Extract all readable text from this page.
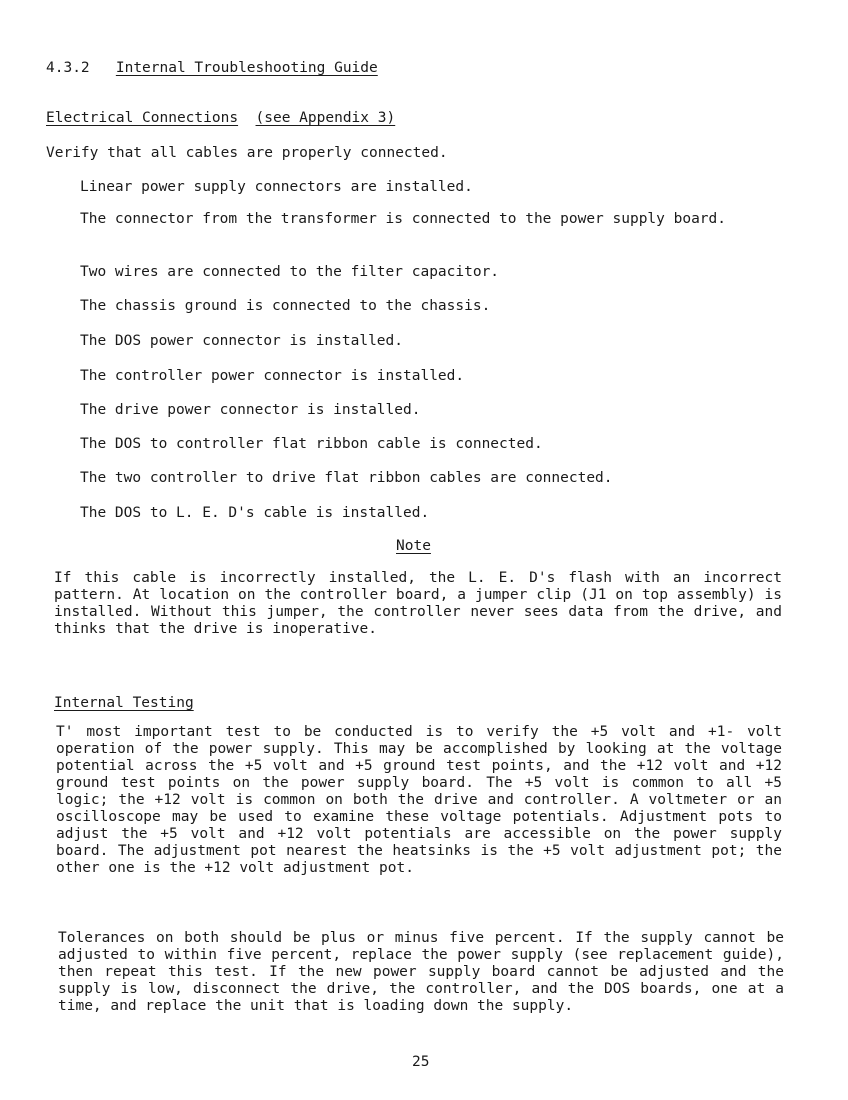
4.3.2 Internal Troubleshooting Guide
Electrical Connections (see Appendix 3)
Verify that all cables are properly connected.
Linear power supply connectors are installed.
The connector from the transformer is connected to the power supply board.
Two wires are connected to the filter capacitor.
The chassis ground is connected to the chassis.
The DOS power connector is installed.
The controller power connector is installed.
The drive power connector is installed.
The DOS to controller flat ribbon cable is connected.
The two controller to drive flat ribbon cables are connected.
The DOS to L. E. D's cable is installed.
Note
If this cable is incorrectly installed, the L. E. D's flash with an incorrect pattern. At location on the controller board, a jumper clip (J1 on top assembly) is installed. Without this jumper, the controller never sees data from the drive, and thinks that the drive is inoperative.
Internal Testing
T' most important test to be conducted is to verify the +5 volt and +1‐ volt operation of the power supply. This may be accomplished by looking at the voltage potential across the +5 volt and +5 ground test points, and the +12 volt and +12 ground test points on the power supply board. The +5 volt is common to all +5 logic; the +12 volt is common on both the drive and controller. A voltmeter or an oscilloscope may be used to examine these voltage potentials. Adjustment pots to adjust the +5 volt and +12 volt potentials are accessible on the power supply board. The adjustment pot nearest the heatsinks is the +5 volt adjustment pot; the other one is the +12 volt adjustment pot.
Tolerances on both should be plus or minus five percent. If the supply cannot be adjusted to within five percent, replace the power supply (see replacement guide), then repeat this test. If the new power supply board cannot be adjusted and the supply is low, disconnect the drive, the controller, and the DOS boards, one at a time, and replace the unit that is loading down the supply.
25
